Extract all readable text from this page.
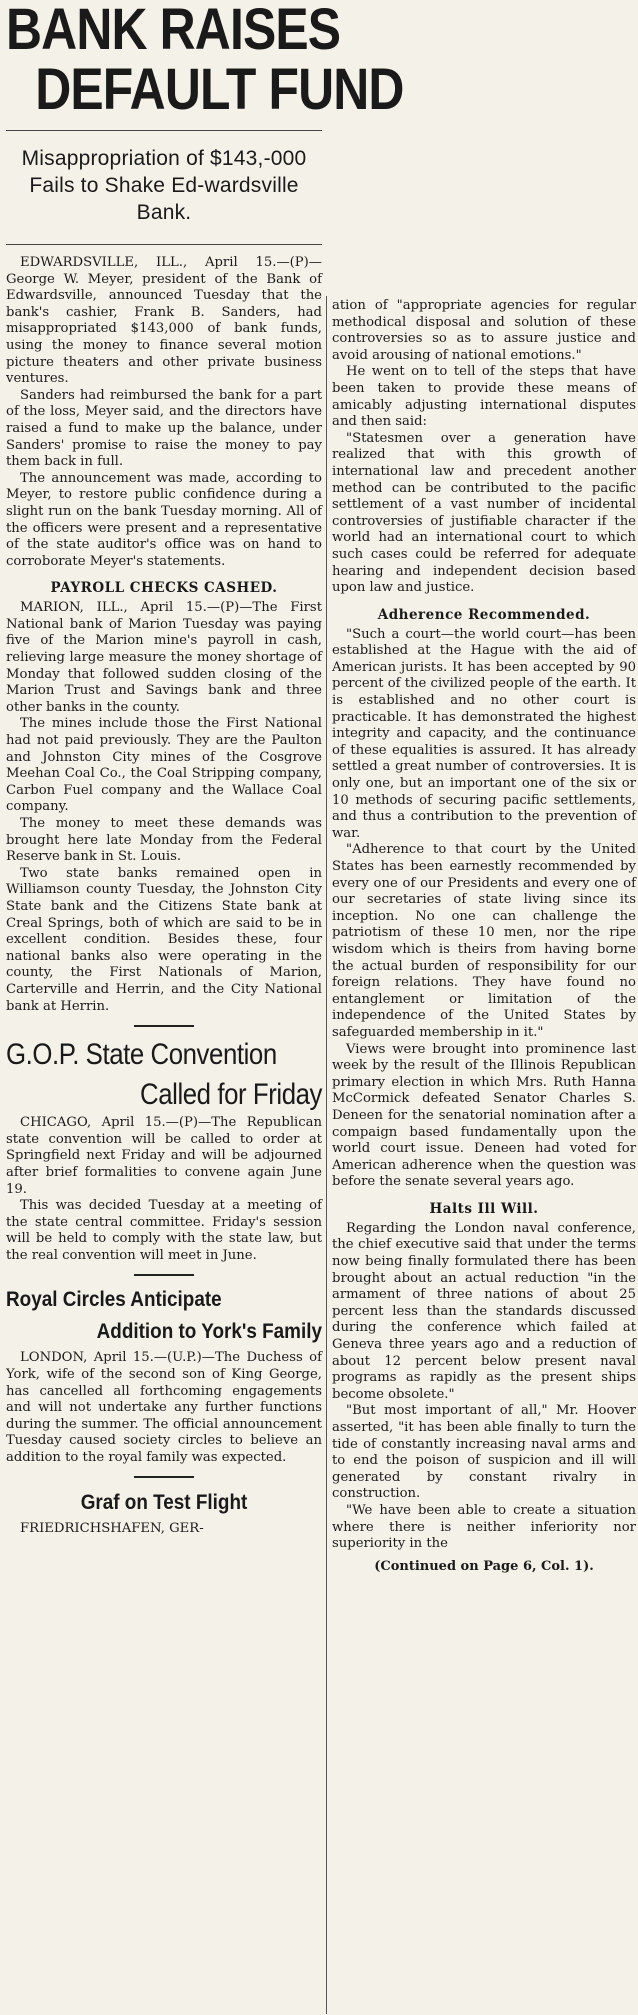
BANK RAISES
DEFAULT FUND
Misappropriation of $143,-000 Fails to Shake Ed-wardsville Bank.

EDWARDSVILLE, ILL., April 15.—(P)—George W. Meyer, president of the Bank of Edwardsville, announced Tuesday that the bank's cashier, Frank B. Sanders, had misappropriated $143,000 of bank funds, using the money to finance several motion picture theaters and other private business ventures.

Sanders had reimbursed the bank for a part of the loss, Meyer said, and the directors have raised a fund to make up the balance, under Sanders' promise to raise the money to pay them back in full.

The announcement was made, according to Meyer, to restore public confidence during a slight run on the bank Tuesday morning. All of the officers were present and a representative of the state auditor's office was on hand to corroborate Meyer's statements.

PAYROLL CHECKS CASHED.

MARION, ILL., April 15.—(P)—The First National bank of Marion Tuesday was paying five of the Marion mine's payroll in cash, relieving large measure the money shortage of Monday that followed sudden closing of the Marion Trust and Savings bank and three other banks in the county.

The mines include those the First National had not paid previously. They are the Paulton and Johnston City mines of the Cosgrove Meehan Coal Co., the Coal Stripping company, Carbon Fuel company and the Wallace Coal company.

The money to meet these demands was brought here late Monday from the Federal Reserve bank in St. Louis.

Two state banks remained open in Williamson county Tuesday, the Johnston City State bank and the Citizens State bank at Creal Springs, both of which are said to be in excellent condition. Besides these, four national banks also were operating in the county, the First Nationals of Marion, Carterville and Herrin, and the City National bank at Herrin.

G.O.P. State Convention
Called for Friday

CHICAGO, April 15.—(P)—The Republican state convention will be called to order at Springfield next Friday and will be adjourned after brief formalities to convene again June 19.

This was decided Tuesday at a meeting of the state central committee. Friday's session will be held to comply with the state law, but the real convention will meet in June.

Royal Circles Anticipate
Addition to York's Family

LONDON, April 15.—(U.P.)—The Duchess of York, wife of the second son of King George, has cancelled all forthcoming engagements and will not undertake any further functions during the summer. The official announcement Tuesday caused society circles to believe an addition to the royal family was expected.

Graf on Test Flight

FRIEDRICHSHAFEN, GER-

ation of "appropriate agencies for regular methodical disposal and solution of these controversies so as to assure justice and avoid arousing of national emotions."

He went on to tell of the steps that have been taken to provide these means of amicably adjusting international disputes and then said:

"Statesmen over a generation have realized that with this growth of international law and precedent another method can be contributed to the pacific settlement of a vast number of incidental controversies of justifiable character if the world had an international court to which such cases could be referred for adequate hearing and independent decision based upon law and justice.

Adherence Recommended.

"Such a court—the world court—has been established at the Hague with the aid of American jurists. It has been accepted by 90 percent of the civilized people of the earth. It is established and no other court is practicable. It has demonstrated the highest integrity and capacity, and the continuance of these equalities is assured. It has already settled a great number of controversies. It is only one, but an important one of the six or 10 methods of securing pacific settlements, and thus a contribution to the prevention of war.

"Adherence to that court by the United States has been earnestly recommended by every one of our Presidents and every one of our secretaries of state living since its inception. No one can challenge the patriotism of these 10 men, nor the ripe wisdom which is theirs from having borne the actual burden of responsibility for our foreign relations. They have found no entanglement or limitation of the independence of the United States by safeguarded membership in it."

Views were brought into prominence last week by the result of the Illinois Republican primary election in which Mrs. Ruth Hanna McCormick defeated Senator Charles S. Deneen for the senatorial nomination after a compaign based fundamentally upon the world court issue. Deneen had voted for American adherence when the question was before the senate several years ago.

Halts Ill Will.

Regarding the London naval conference, the chief executive said that under the terms now being finally formulated there has been brought about an actual reduction "in the armament of three nations of about 25 percent less than the standards discussed during the conference which failed at Geneva three years ago and a reduction of about 12 percent below present naval programs as rapidly as the present ships become obsolete."

"But most important of all," Mr. Hoover asserted, "it has been able finally to turn the tide of constantly increasing naval arms and to end the poison of suspicion and ill will generated by constant rivalry in construction.

"We have been able to create a situation where there is neither inferiority nor superiority in the

(Continued on Page 6, Col. 1).
